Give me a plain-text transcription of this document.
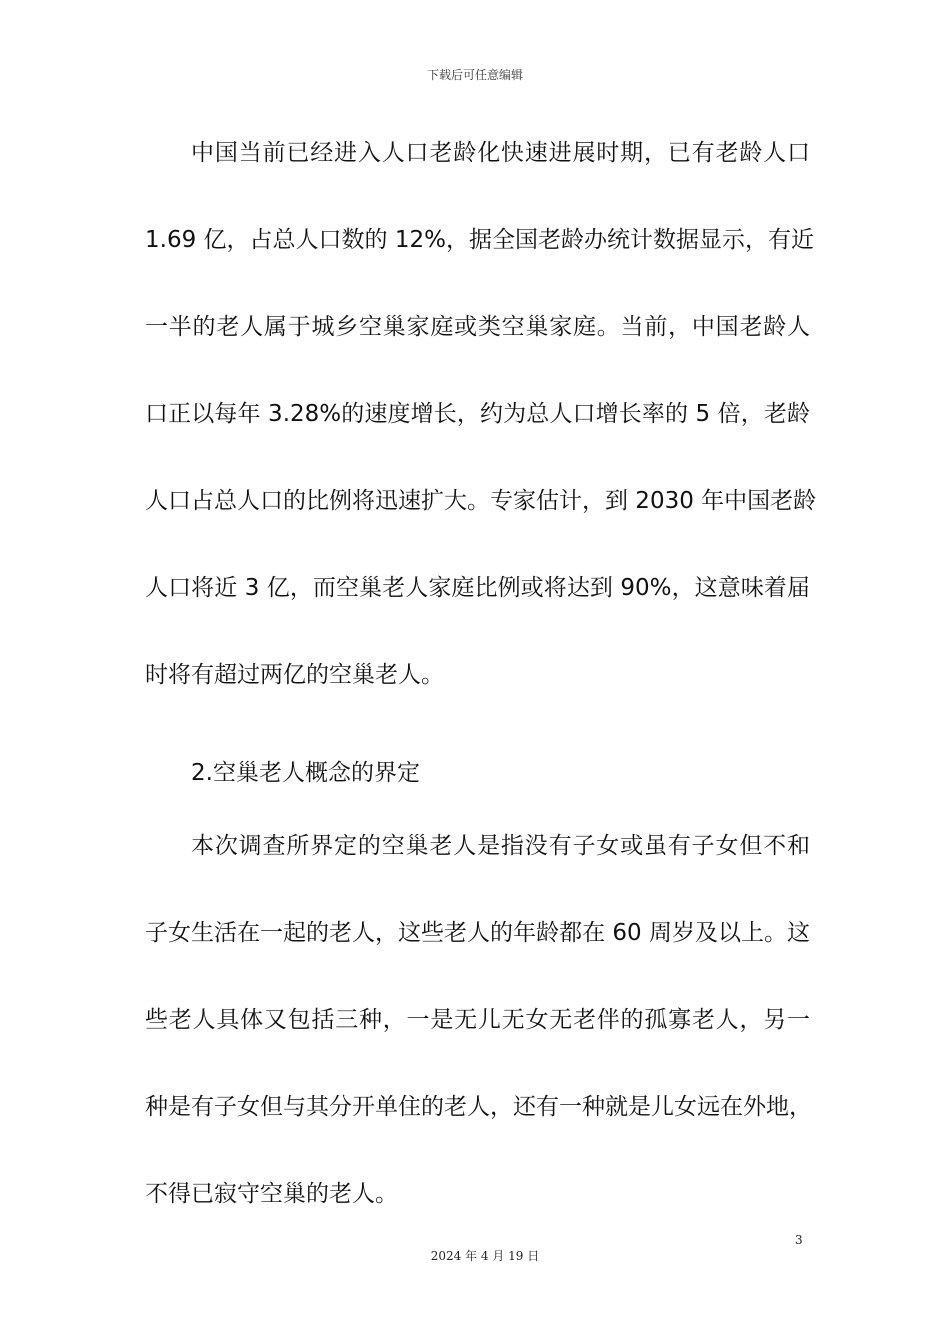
下载后可任意编辑
中国当前已经进入人口老龄化快速进展时期，已有老龄人口
1.69 亿，占总人口数的 12%，据全国老龄办统计数据显示，有近
一半的老人属于城乡空巢家庭或类空巢家庭。当前，中国老龄人
口正以每年 3.28%的速度增长，约为总人口增长率的 5 倍，老龄
人口占总人口的比例将迅速扩大。专家估计，到 2030 年中国老龄
人口将近 3 亿，而空巢老人家庭比例或将达到 90%，这意味着届
时将有超过两亿的空巢老人。
2.空巢老人概念的界定
本次调查所界定的空巢老人是指没有子女或虽有子女但不和
子女生活在一起的老人，这些老人的年龄都在 60 周岁及以上。这
些老人具体又包括三种，一是无儿无女无老伴的孤寡老人，另一
种是有子女但与其分开单住的老人，还有一种就是儿女远在外地，
不得已寂守空巢的老人。
3
2024 年 4 月 19 日
